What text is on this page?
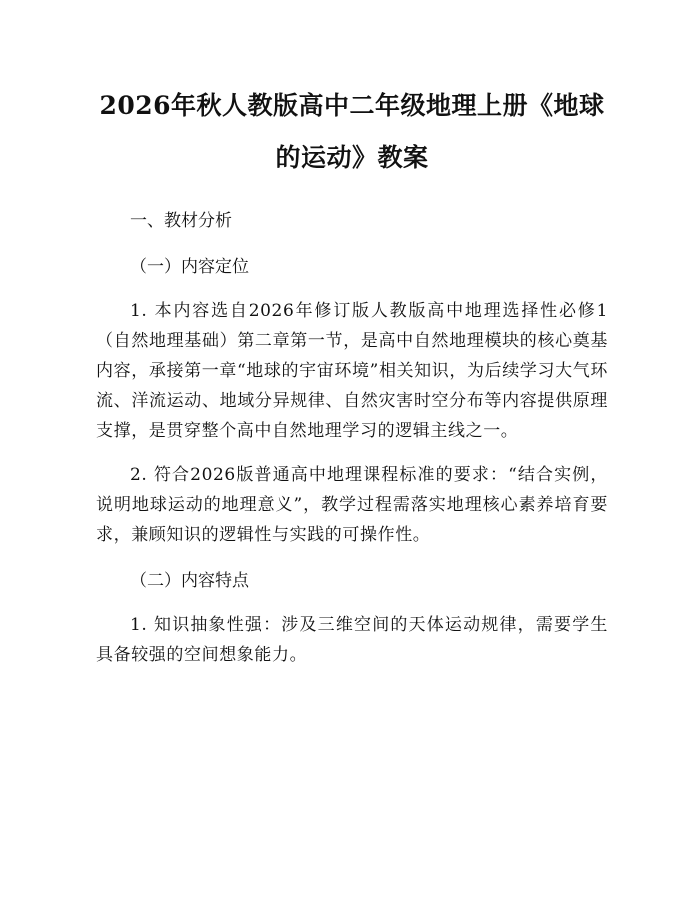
2026年秋人教版高中二年级地理上册《地球的运动》教案

一、教材分析

（一）内容定位

1. 本内容选自2026年修订版人教版高中地理选择性必修1（自然地理基础）第二章第一节，是高中自然地理模块的核心奠基内容，承接第一章“地球的宇宙环境”相关知识，为后续学习大气环流、洋流运动、地域分异规律、自然灾害时空分布等内容提供原理支撑，是贯穿整个高中自然地理学习的逻辑主线之一。

2. 符合2026版普通高中地理课程标准的要求：“结合实例，说明地球运动的地理意义”，教学过程需落实地理核心素养培育要求，兼顾知识的逻辑性与实践的可操作性。

（二）内容特点

1. 知识抽象性强：涉及三维空间的天体运动规律，需要学生具备较强的空间想象能力。
